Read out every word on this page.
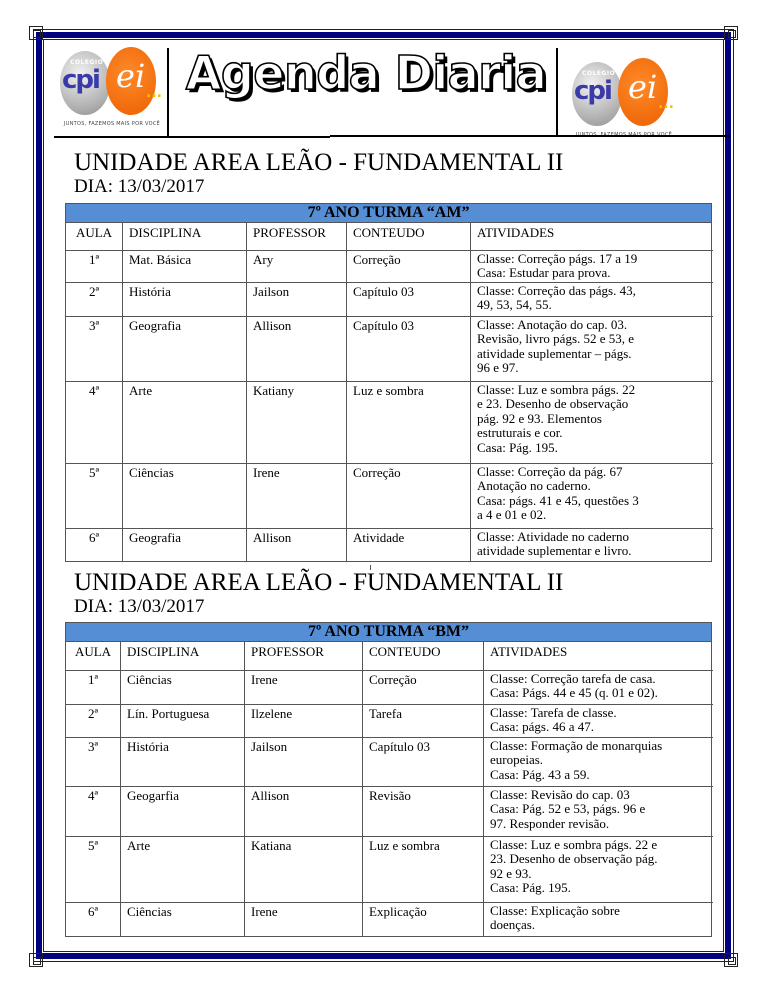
COLEGIO
cpi ei ...
JUNTOS, FAZEMOS MAIS POR VOCÊ
Agenda Diaria	COLEGIO
cpi ei ...
UNIDADE AREA LEÃO - FUNDAMENTAL II
DIA: 13/03/2017
7º ANO TURMA “AM”
AULA	DISCIPLINA	PROFESSOR	CONTEUDO	ATIVIDADES
1ª	Mat. Básica	Ary	Correção	Classe: Correção págs. 17 a 19
Casa: Estudar para prova.
2ª	História	Jailson	Capítulo 03	Classe: Correção das págs. 43,
49, 53, 54, 55.
3ª	Geografia	Allison	Capítulo 03	Classe: Anotação do cap. 03.
Revisão, livro págs. 52 e 53, e
atividade suplementar – págs.
96 e 97.
4ª	Arte	Katiany	Luz e sombra	Classe: Luz e sombra págs. 22
e 23. Desenho de observação
pág. 92 e 93. Elementos
estruturais e cor.
Casa: Pág. 195.
5ª	Ciências	Irene	Correção	Classe: Correção da pág. 67
Anotação no caderno.
Casa: págs. 41 e 45, questões 3
a 4 e 01 e 02.
6ª	Geografia	Allison	Atividade	Classe: Atividade no caderno
atividade suplementar e livro.
UNIDADE AREA LEÃO - FUNDAMENTAL II
DIA: 13/03/2017
7º ANO TURMA “BM”
AULA	DISCIPLINA	PROFESSOR	CONTEUDO	ATIVIDADES
1ª	Ciências	Irene	Correção	Classe: Correção tarefa de casa.
Casa: Págs. 44 e 45 (q. 01 e 02).
2ª	Lín. Portuguesa	Ilzelene	Tarefa	Classe: Tarefa de classe.
Casa: págs. 46 a 47.
3ª	História	Jailson	Capítulo 03	Classe: Formação de monarquias
europeias.
Casa: Pág. 43 a 59.
4ª	Geogarfia	Allison	Revisão	Classe: Revisão do cap. 03
Casa: Pág. 52 e 53, págs. 96 e
97. Responder revisão.
5ª	Arte	Katiana	Luz e sombra	Classe: Luz e sombra págs. 22 e
23. Desenho de observação pág.
92 e 93.
Casa: Pág. 195.
6ª	Ciências	Irene	Explicação	Classe: Explicação sobre
doenças.
